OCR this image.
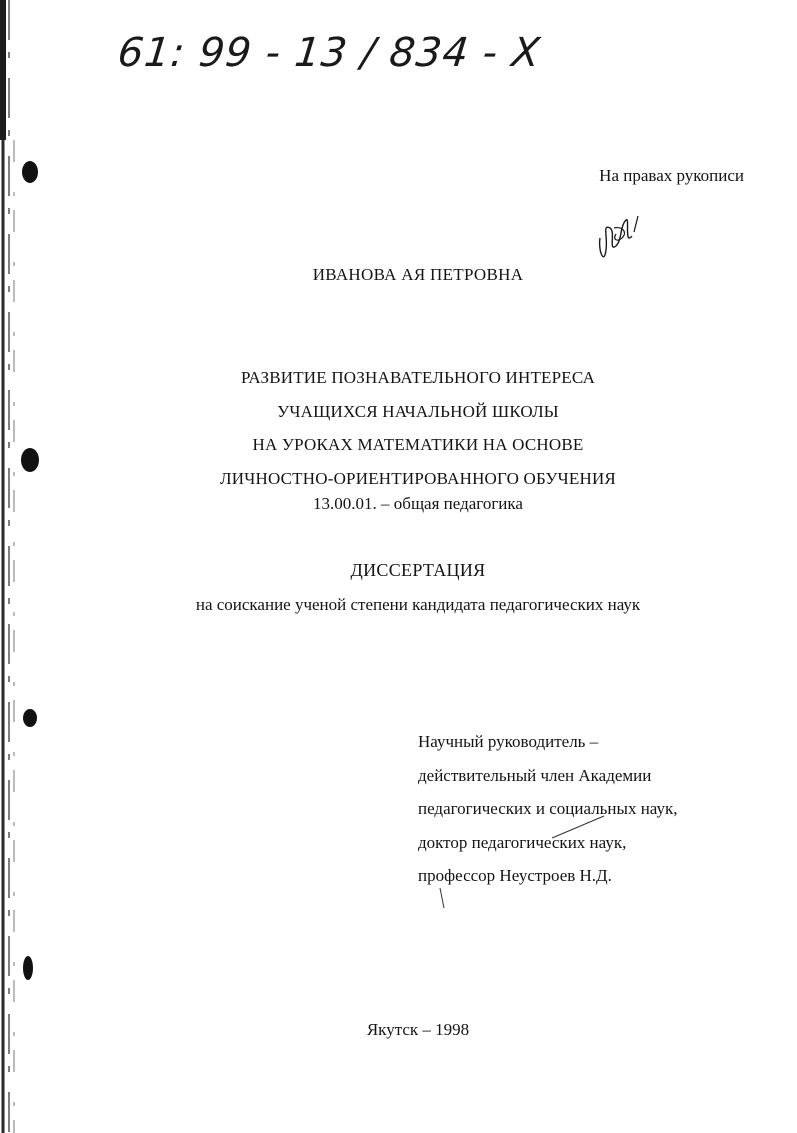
61: 99 - 13 / 834 - X
На правах рукописи
ИВАНОВА АЯ ПЕТРОВНА
РАЗВИТИЕ ПОЗНАВАТЕЛЬНОГО ИНТЕРЕСА
УЧАЩИХСЯ НАЧАЛЬНОЙ ШКОЛЫ
НА УРОКАХ МАТЕМАТИКИ НА ОСНОВЕ
ЛИЧНОСТНО-ОРИЕНТИРОВАННОГО ОБУЧЕНИЯ
13.00.01. – общая педагогика
ДИССЕРТАЦИЯ
на соискание ученой степени кандидата педагогических наук
Научный руководитель –
действительный член Академии
педагогических и социальных наук,
доктор педагогических наук,
профессор Неустроев Н.Д.
Якутск – 1998
